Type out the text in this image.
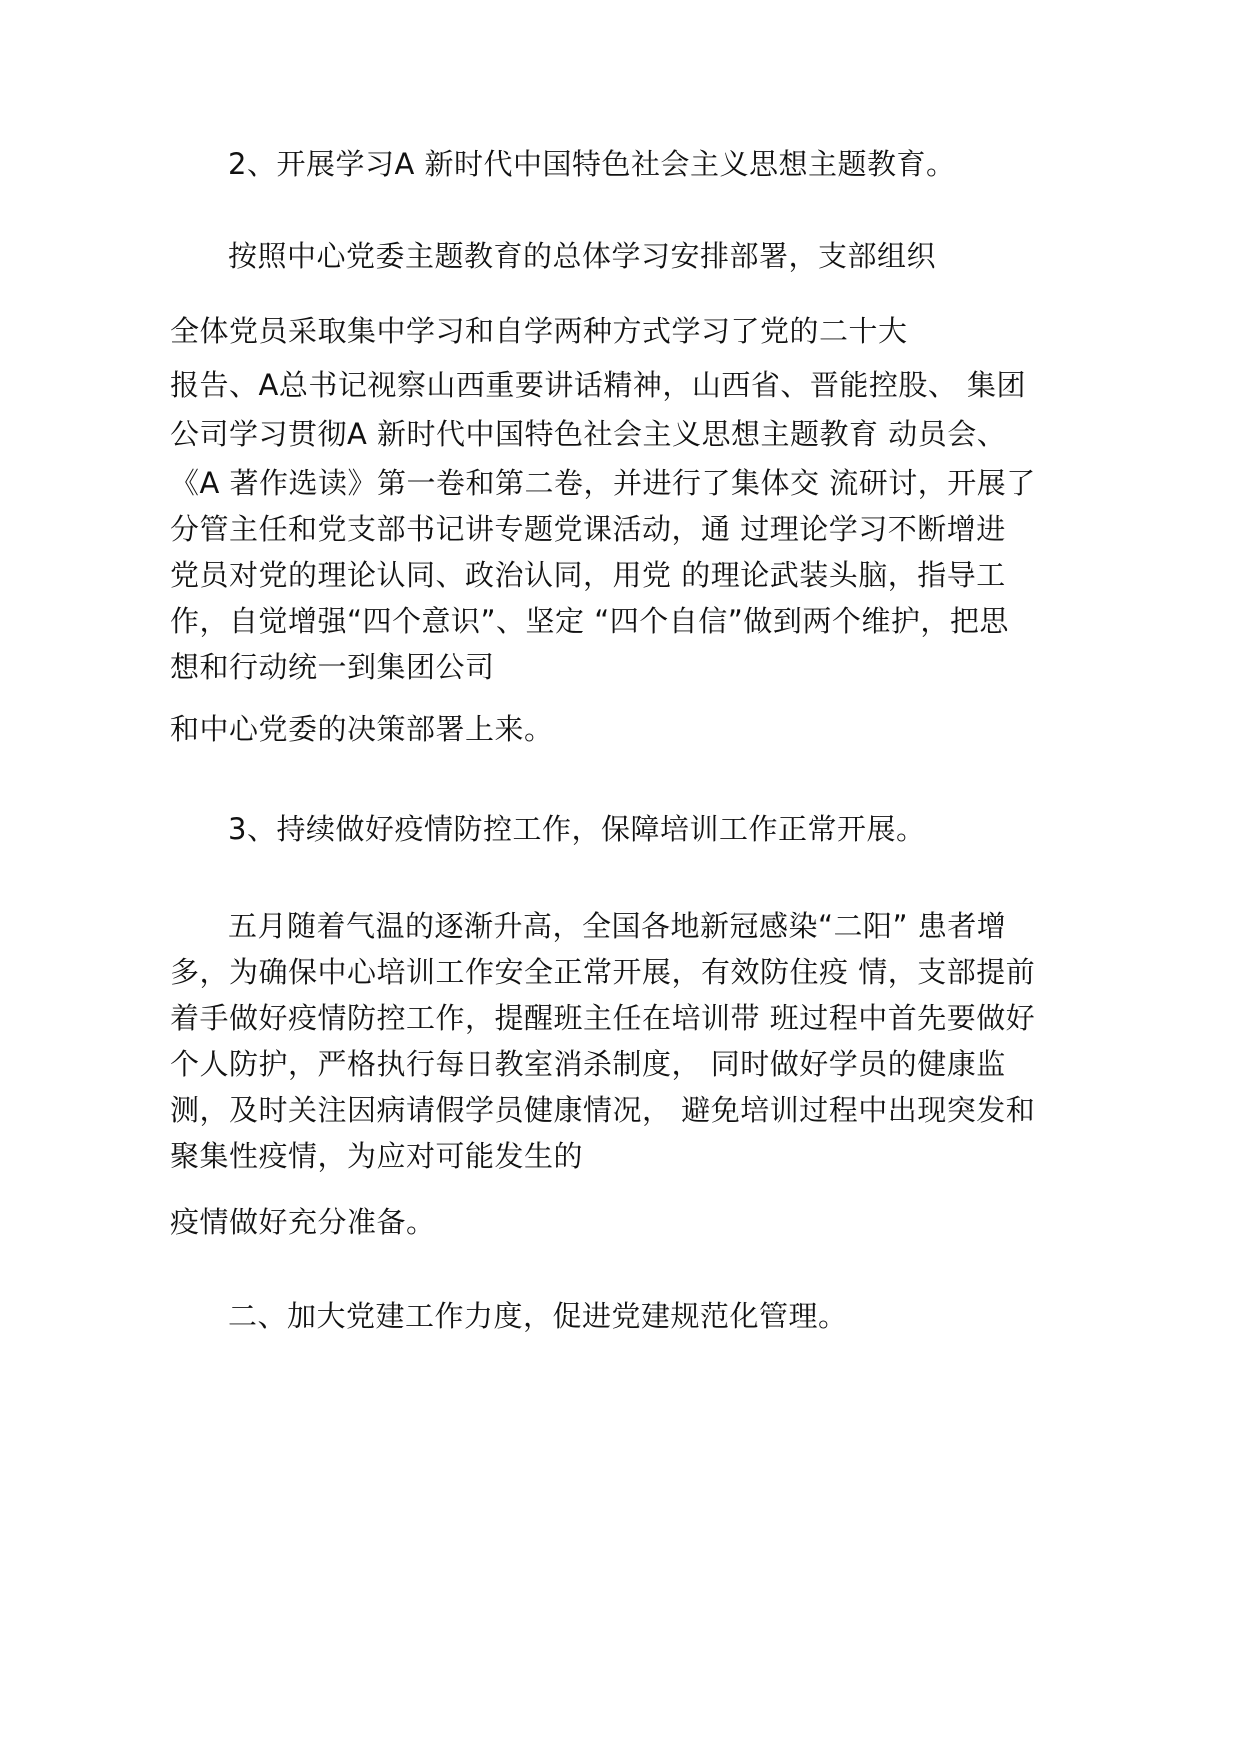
2、开展学习A 新时代中国特色社会主义思想主题教育。

按照中心党委主题教育的总体学习安排部署，支部组织

全体党员采取集中学习和自学两种方式学习了党的二十大

报告、A总书记视察山西重要讲话精神，山西省、晋能控股、 集团

公司学习贯彻A 新时代中国特色社会主义思想主题教育 动员会、

《A 著作选读》第一卷和第二卷，并进行了集体交 流研讨，开展了

分管主任和党支部书记讲专题党课活动，通 过理论学习不断增进

党员对党的理论认同、政治认同，用党 的理论武装头脑，指导工

作，自觉增强“四个意识”、坚定 “四个自信”做到两个维护，把思

想和行动统一到集团公司

和中心党委的决策部署上来。

3、持续做好疫情防控工作，保障培训工作正常开展。

五月随着气温的逐渐升高，全国各地新冠感染“二阳” 患者增

多，为确保中心培训工作安全正常开展，有效防住疫 情，支部提前

着手做好疫情防控工作，提醒班主任在培训带 班过程中首先要做好

个人防护，严格执行每日教室消杀制度， 同时做好学员的健康监

测，及时关注因病请假学员健康情况， 避免培训过程中出现突发和

聚集性疫情，为应对可能发生的

疫情做好充分准备。

二、加大党建工作力度，促进党建规范化管理。
